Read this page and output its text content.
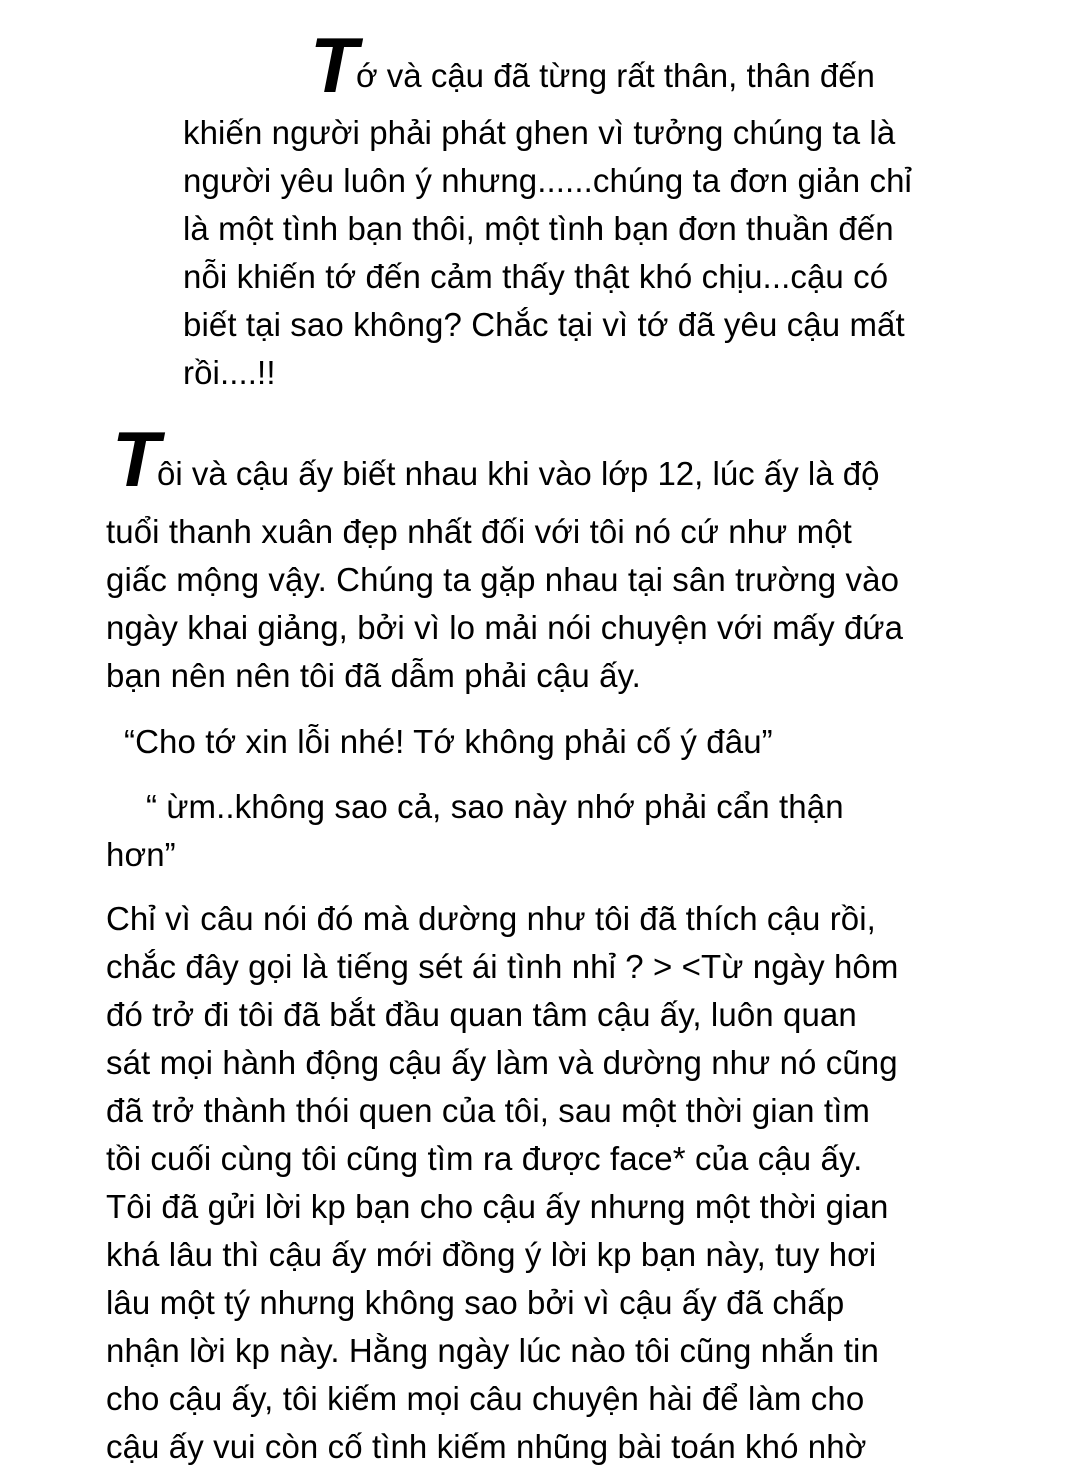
T
ớ và cậu đã từng rất thân, thân đến
khiến người phải phát ghen vì tưởng chúng ta là
người yêu luôn ý nhưng......chúng ta đơn giản chỉ
là một tình bạn thôi, một tình bạn đơn thuần đến
nỗi khiến tớ đến cảm thấy thật khó chịu...cậu có
biết tại sao không? Chắc tại vì tớ đã yêu cậu mất
rồi....!!
T
ôi và cậu ấy biết nhau khi vào lớp 12, lúc ấy là độ
tuổi thanh xuân đẹp nhất đối với tôi nó cứ như một
giấc mộng vậy. Chúng ta gặp nhau tại sân trường vào
ngày khai giảng, bởi vì lo mải nói chuyện với mấy đứa
bạn nên nên tôi đã dẫm phải cậu ấy.
“Cho tớ xin lỗi nhé! Tớ không phải cố ý đâu”
“ ừm..không sao cả, sao này nhớ phải cẩn thận
hơn”
Chỉ vì câu nói đó mà dường như tôi đã thích cậu rồi,
chắc đây gọi là tiếng sét ái tình nhỉ ? > <Từ ngày hôm
đó trở đi tôi đã bắt đầu quan tâm cậu ấy, luôn quan
sát mọi hành động cậu ấy làm và dường như nó cũng
đã trở thành thói quen của tôi, sau một thời gian tìm
tồi cuối cùng tôi cũng tìm ra được face* của cậu ấy.
Tôi đã gửi lời kp bạn cho cậu ấy nhưng một thời gian
khá lâu thì cậu ấy mới đồng ý lời kp bạn này, tuy hơi
lâu một tý nhưng không sao bởi vì cậu ấy đã chấp
nhận lời kp này. Hằng ngày lúc nào tôi cũng nhắn tin
cho cậu ấy, tôi kiếm mọi câu chuyện hài để làm cho
cậu ấy vui còn cố tình kiếm nhũng bài toán khó nhờ
